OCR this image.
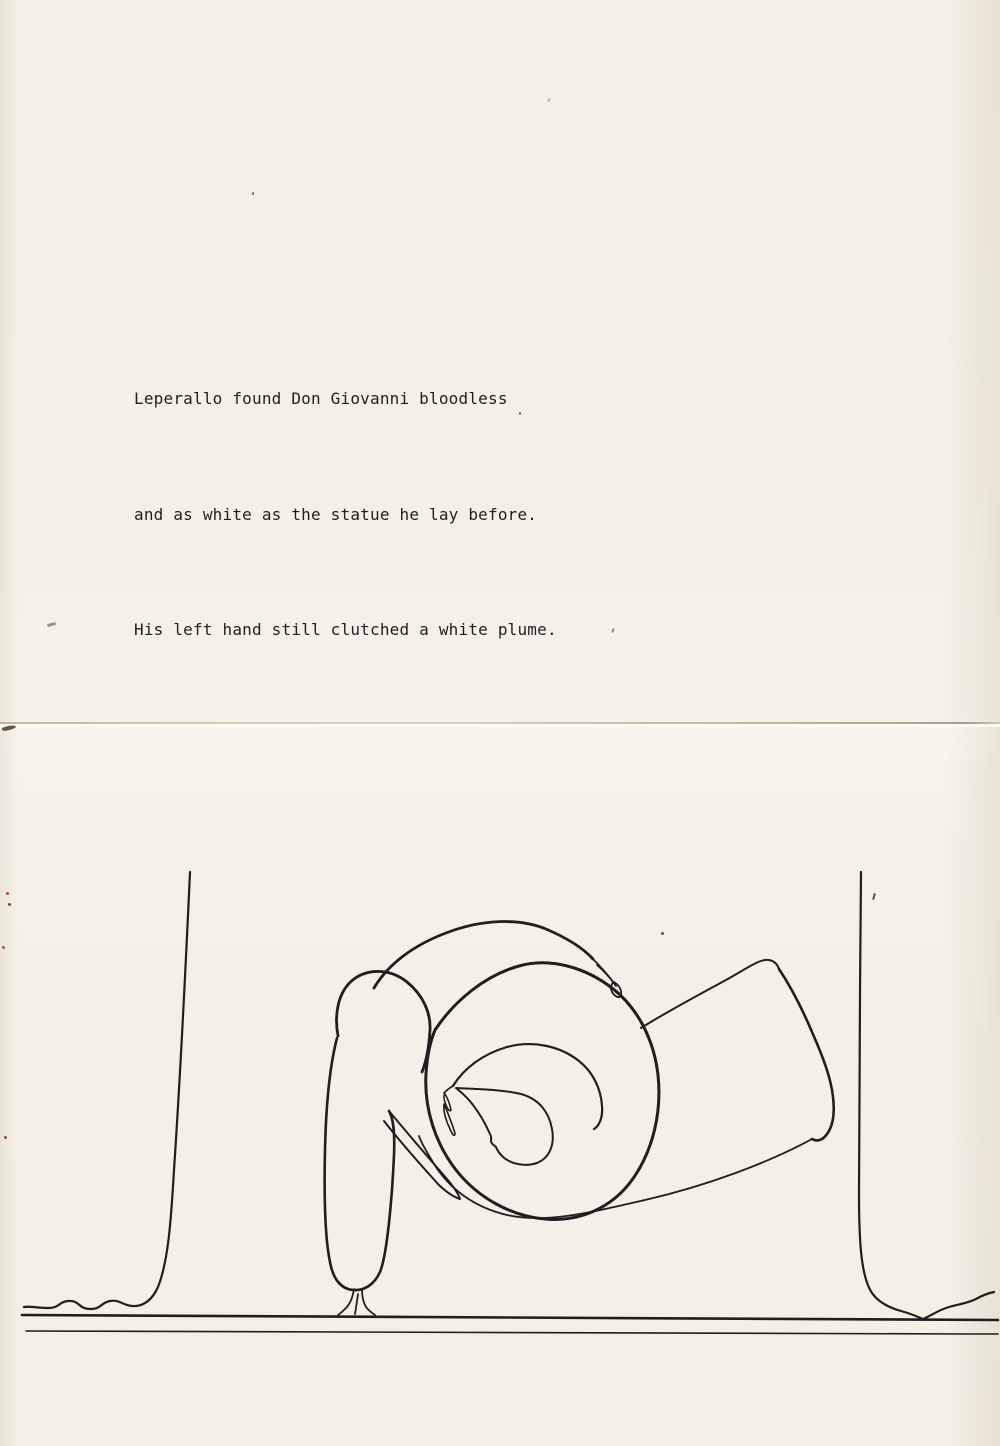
Leperallo found Don Giovanni bloodless

and as white as the statue he lay before.

His left hand still clutched a white plume.
